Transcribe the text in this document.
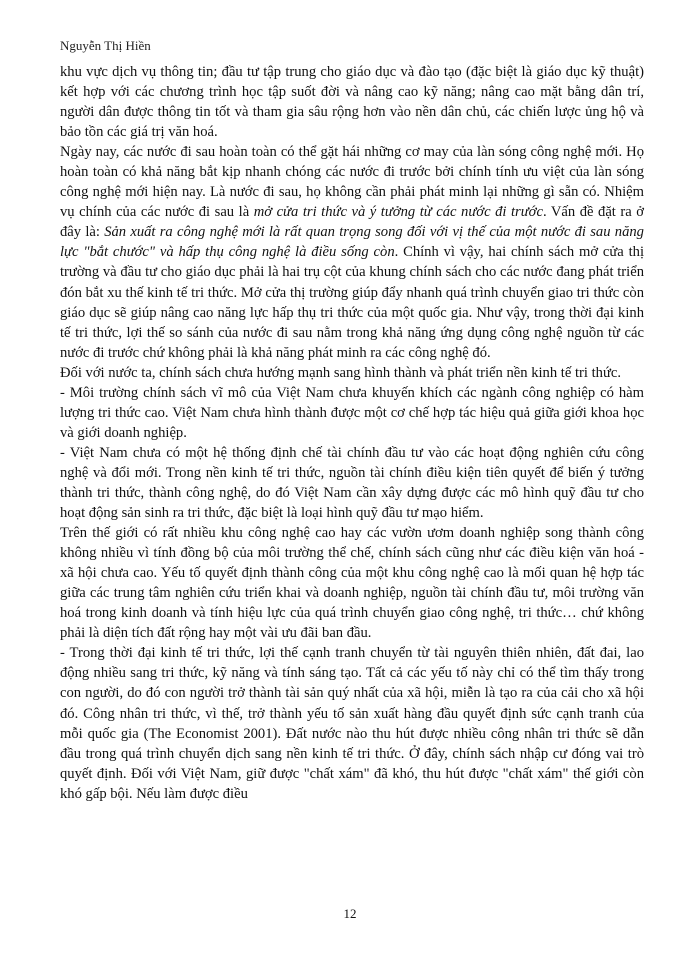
Nguyễn Thị Hiền

khu vực dịch vụ thông tin; đầu tư tập trung cho giáo dục và đào tạo (đặc biệt là giáo dục kỹ thuật) kết hợp với các chương trình học tập suốt đời và nâng cao kỹ năng; nâng cao mặt bằng dân trí, người dân được thông tin tốt và tham gia sâu rộng hơn vào nền dân chủ, các chiến lược ủng hộ và bảo tồn các giá trị văn hoá.

Ngày nay, các nước đi sau hoàn toàn có thể gặt hái những cơ may của làn sóng công nghệ mới. Họ hoàn toàn có khả năng bắt kịp nhanh chóng các nước đi trước bởi chính tính ưu việt của làn sóng công nghệ mới hiện nay. Là nước đi sau, họ không cần phải phát minh lại những gì sẵn có. Nhiệm vụ chính của các nước đi sau là mở cửa tri thức và ý tưởng từ các nước đi trước. Vấn đề đặt ra ở đây là: Sản xuất ra công nghệ mới là rất quan trọng song đối với vị thế của một nước đi sau năng lực "bắt chước" và hấp thụ công nghệ là điều sống còn. Chính vì vậy, hai chính sách mở cửa thị trường và đầu tư cho giáo dục phải là hai trụ cột của khung chính sách cho các nước đang phát triển đón bắt xu thế kinh tế tri thức. Mở cửa thị trường giúp đẩy nhanh quá trình chuyển giao tri thức còn giáo dục sẽ giúp nâng cao năng lực hấp thụ tri thức của một quốc gia. Như vậy, trong thời đại kinh tế tri thức, lợi thế so sánh của nước đi sau nằm trong khả năng ứng dụng công nghệ nguồn từ các nước đi trước chứ không phải là khả năng phát minh ra các công nghệ đó.

Đối với nước ta, chính sách chưa hướng mạnh sang hình thành và phát triển nền kinh tế tri thức.

- Môi trường chính sách vĩ mô của Việt Nam chưa khuyến khích các ngành công nghiệp có hàm lượng tri thức cao. Việt Nam chưa hình thành được một cơ chế hợp tác hiệu quả giữa giới khoa học và giới doanh nghiệp.

- Việt Nam chưa có một hệ thống định chế tài chính đầu tư vào các hoạt động nghiên cứu công nghệ và đổi mới. Trong nền kinh tế tri thức, nguồn tài chính điều kiện tiên quyết để biến ý tưởng thành tri thức, thành công nghệ, do đó Việt Nam cần xây dựng được các mô hình quỹ đầu tư cho hoạt động sản sinh ra tri thức, đặc biệt là loại hình quỹ đầu tư mạo hiểm.

Trên thế giới có rất nhiều khu công nghệ cao hay các vườn ươm doanh nghiệp song thành công không nhiều vì tính đồng bộ của môi trường thể chế, chính sách cũng như các điều kiện văn hoá - xã hội chưa cao. Yếu tố quyết định thành công của một khu công nghệ cao là mối quan hệ hợp tác giữa các trung tâm nghiên cứu triển khai và doanh nghiệp, nguồn tài chính đầu tư, môi trường văn hoá trong kinh doanh và tính hiệu lực của quá trình chuyển giao công nghệ, tri thức… chứ không phải là diện tích đất rộng hay một vài ưu đãi ban đầu.

- Trong thời đại kinh tế tri thức, lợi thế cạnh tranh chuyển từ tài nguyên thiên nhiên, đất đai, lao động nhiều sang tri thức, kỹ năng và tính sáng tạo. Tất cả các yếu tố này chỉ có thể tìm thấy trong con người, do đó con người trở thành tài sản quý nhất của xã hội, miễn là tạo ra của cải cho xã hội đó. Công nhân tri thức, vì thế, trở thành yếu tố sản xuất hàng đầu quyết định sức cạnh tranh của mỗi quốc gia (The Economist 2001). Đất nước nào thu hút được nhiều công nhân tri thức sẽ dẫn đầu trong quá trình chuyển dịch sang nền kinh tế tri thức. Ở đây, chính sách nhập cư đóng vai trò quyết định. Đối với Việt Nam, giữ được "chất xám" đã khó, thu hút được "chất xám" thế giới còn khó gấp bội. Nếu làm được điều

12
